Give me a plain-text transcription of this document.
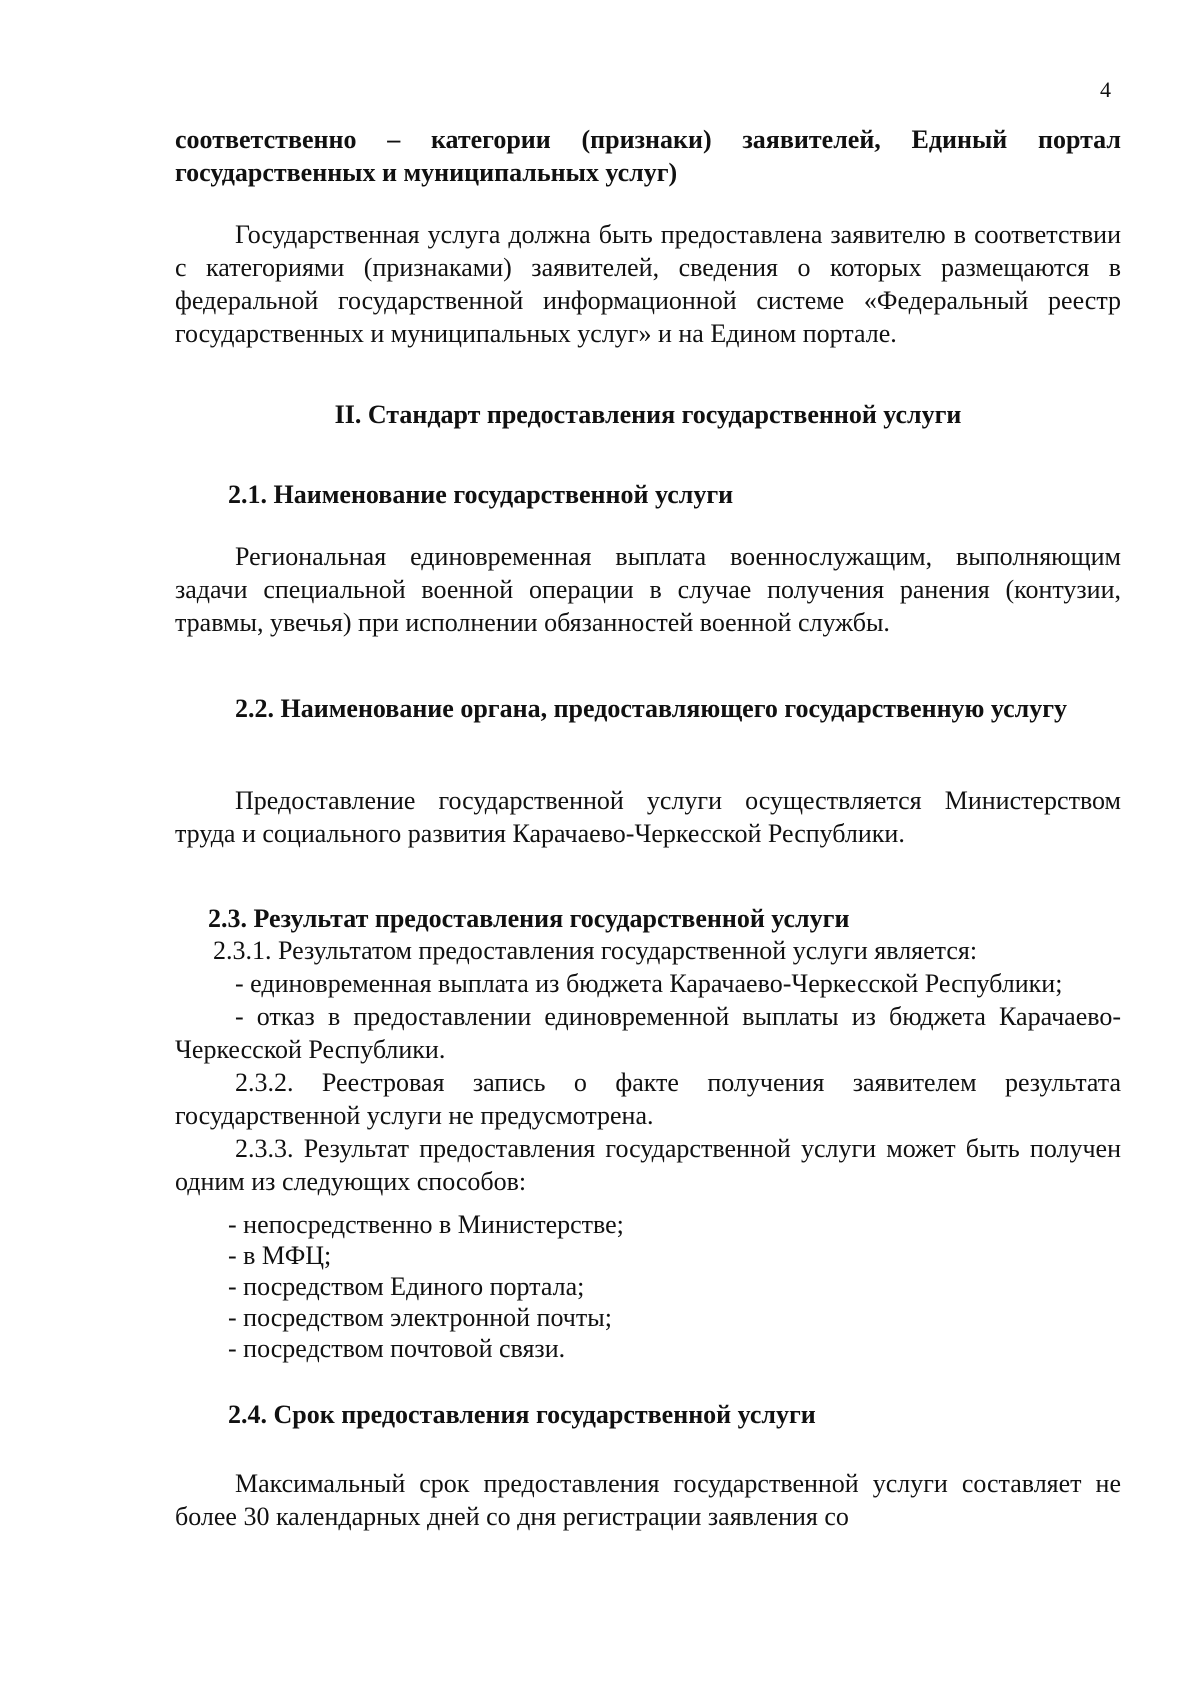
4

соответственно – категории (признаки) заявителей, Единый портал государственных и муниципальных услуг)

Государственная услуга должна быть предоставлена заявителю в соответствии с категориями (признаками) заявителей, сведения о которых размещаются в федеральной государственной информационной системе «Федеральный реестр государственных и муниципальных услуг» и на Едином портале.

II. Стандарт предоставления государственной услуги

2.1. Наименование государственной услуги

Региональная единовременная выплата военнослужащим, выполняющим задачи специальной военной операции в случае получения ранения (контузии, травмы, увечья) при исполнении обязанностей военной службы.

2.2. Наименование органа, предоставляющего государственную услугу

Предоставление государственной услуги осуществляется Министерством труда и социального развития Карачаево-Черкесской Республики.

2.3. Результат предоставления государственной услуги

2.3.1. Результатом предоставления государственной услуги является:

- единовременная выплата из бюджета Карачаево-Черкесской Республики;

- отказ в предоставлении единовременной выплаты из бюджета Карачаево-Черкесской Республики.

2.3.2. Реестровая запись о факте получения заявителем результата государственной услуги не предусмотрена.

2.3.3. Результат предоставления государственной услуги может быть получен одним из следующих способов:

- непосредственно в Министерстве;
- в МФЦ;
- посредством Единого портала;
- посредством электронной почты;
- посредством почтовой связи.
2.4. Срок предоставления государственной услуги

Максимальный срок предоставления государственной услуги составляет не более 30 календарных дней со дня регистрации заявления со
